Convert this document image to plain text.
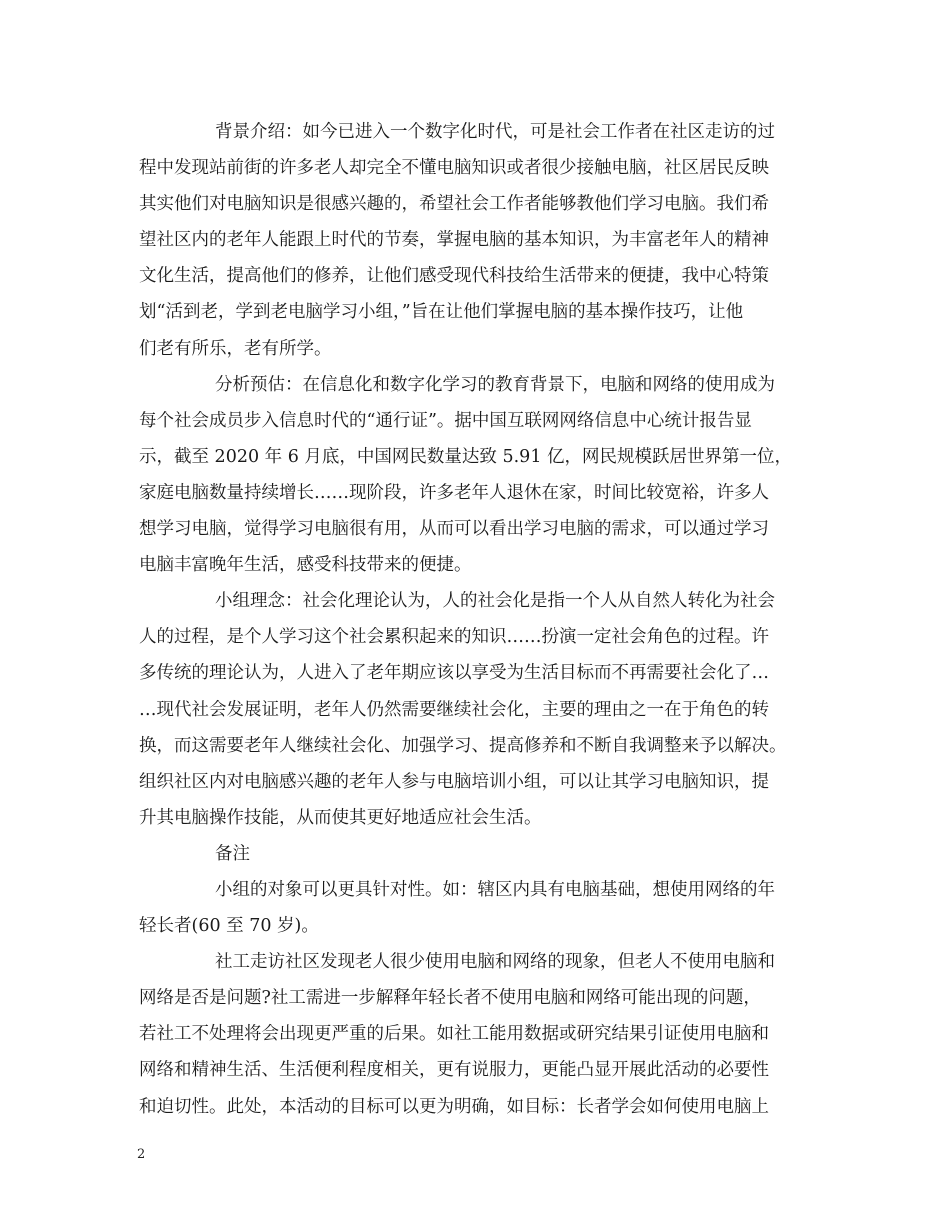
背景介绍：如今已进入一个数字化时代，可是社会工作者在社区走访的过
程中发现站前街的许多老人却完全不懂电脑知识或者很少接触电脑，社区居民反映
其实他们对电脑知识是很感兴趣的，希望社会工作者能够教他们学习电脑。我们希
望社区内的老年人能跟上时代的节奏，掌握电脑的基本知识，为丰富老年人的精神
文化生活，提高他们的修养，让他们感受现代科技给生活带来的便捷，我中心特策
划“活到老，学到老电脑学习小组，”旨在让他们掌握电脑的基本操作技巧，让他
们老有所乐，老有所学。
分析预估：在信息化和数字化学习的教育背景下，电脑和网络的使用成为
每个社会成员步入信息时代的“通行证”。据中国互联网网络信息中心统计报告显
示，截至 2020 年 6 月底，中国网民数量达致 5.91 亿，网民规模跃居世界第一位，
家庭电脑数量持续增长……现阶段，许多老年人退休在家，时间比较宽裕，许多人
想学习电脑，觉得学习电脑很有用，从而可以看出学习电脑的需求，可以通过学习
电脑丰富晚年生活，感受科技带来的便捷。
小组理念：社会化理论认为，人的社会化是指一个人从自然人转化为社会
人的过程，是个人学习这个社会累积起来的知识……扮演一定社会角色的过程。许
多传统的理论认为，人进入了老年期应该以享受为生活目标而不再需要社会化了…
…现代社会发展证明，老年人仍然需要继续社会化，主要的理由之一在于角色的转
换，而这需要老年人继续社会化、加强学习、提高修养和不断自我调整来予以解决。
组织社区内对电脑感兴趣的老年人参与电脑培训小组，可以让其学习电脑知识，提
升其电脑操作技能，从而使其更好地适应社会生活。
备注
小组的对象可以更具针对性。如：辖区内具有电脑基础，想使用网络的年
轻长者(60 至 70 岁)。
社工走访社区发现老人很少使用电脑和网络的现象，但老人不使用电脑和
网络是否是问题?社工需进一步解释年轻长者不使用电脑和网络可能出现的问题，
若社工不处理将会出现更严重的后果。如社工能用数据或研究结果引证使用电脑和
网络和精神生活、生活便利程度相关，更有说服力，更能凸显开展此活动的必要性
和迫切性。此处，本活动的目标可以更为明确，如目标：长者学会如何使用电脑上
2
